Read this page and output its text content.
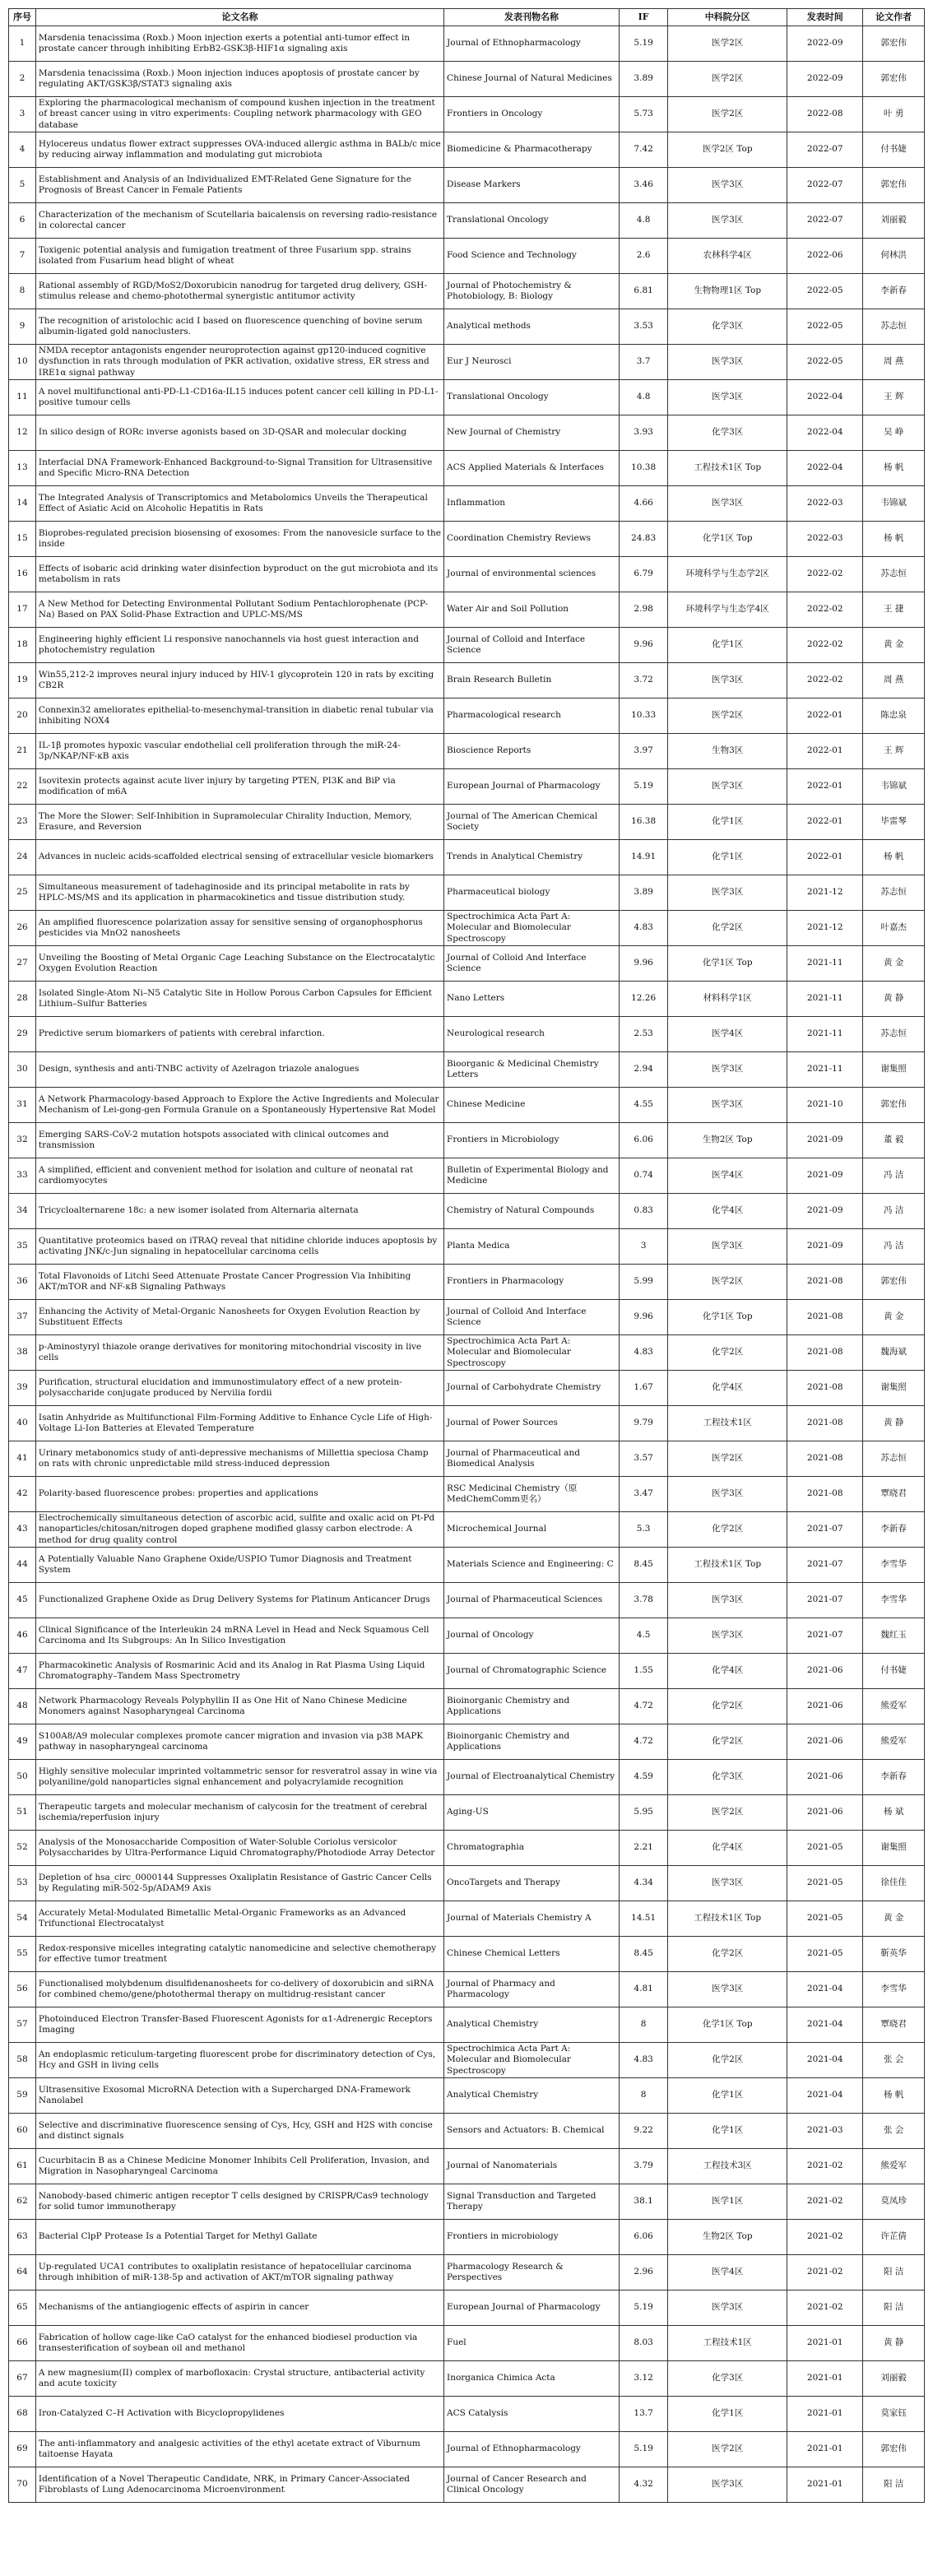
序号	论文名称	发表刊物名称	IF	中科院分区	发表时间	论文作者
1	Marsdenia tenacissima (Roxb.) Moon injection exerts a potential anti-tumor effect in prostate cancer through inhibiting ErbB2-GSK3β-HIF1α signaling axis	Journal of Ethnopharmacology	5.19	医学2区	2022-09	郭宏伟
2	Marsdenia tenacissima (Roxb.) Moon injection induces apoptosis of prostate cancer by regulating AKT/GSK3β/STAT3 signaling axis	Chinese Journal of Natural Medicines	3.89	医学2区	2022-09	郭宏伟
3	Exploring the pharmacological mechanism of compound kushen injection in the treatment of breast cancer using in vitro experiments: Coupling network pharmacology with GEO database	Frontiers in Oncology	5.73	医学2区	2022-08	叶 勇
4	Hylocereus undatus flower extract suppresses OVA-induced allergic asthma in BALb/c mice by reducing airway inflammation and modulating gut microbiota	Biomedicine & Pharmacotherapy	7.42	医学2区 Top	2022-07	付书婕
5	Establishment and Analysis of an Individualized EMT-Related Gene Signature for the Prognosis of Breast Cancer in Female Patients	Disease Markers	3.46	医学3区	2022-07	郭宏伟
6	Characterization of the mechanism of Scutellaria baicalensis on reversing radio-resistance in colorectal cancer	Translational Oncology	4.8	医学3区	2022-07	刘丽毅
7	Toxigenic potential analysis and fumigation treatment of three Fusarium spp. strains isolated from Fusarium head blight of wheat	Food Science and Technology	2.6	农林科学4区	2022-06	何林洪
8	Rational assembly of RGD/MoS2/Doxorubicin nanodrug for targeted drug delivery, GSH-stimulus release and chemo-photothermal synergistic antitumor activity	Journal of Photochemistry & Photobiology, B: Biology	6.81	生物物理1区 Top	2022-05	李新春
9	The recognition of aristolochic acid I based on fluorescence quenching of bovine serum albumin-ligated gold nanoclusters.	Analytical methods	3.53	化学3区	2022-05	苏志恒
10	NMDA receptor antagonists engender neuroprotection against gp120-induced cognitive dysfunction in rats through modulation of PKR activation, oxidative stress, ER stress and IRE1α signal pathway	Eur J Neurosci	3.7	医学3区	2022-05	周 燕
11	A novel multifunctional anti-PD-L1-CD16a-IL15 induces potent cancer cell killing in PD-L1-positive tumour cells	Translational Oncology	4.8	医学3区	2022-04	王 辉
12	In silico design of RORc inverse agonists based on 3D-QSAR and molecular docking	New Journal of Chemistry	3.93	化学3区	2022-04	吴 峥
13	Interfacial DNA Framework-Enhanced Background-to-Signal Transition for Ultrasensitive and Specific Micro-RNA Detection	ACS Applied Materials & Interfaces	10.38	工程技术1区 Top	2022-04	杨 帆
14	The Integrated Analysis of Transcriptomics and Metabolomics Unveils the Therapeutical Effect of Asiatic Acid on Alcoholic Hepatitis in Rats	Inflammation	4.66	医学3区	2022-03	韦锦斌
15	Bioprobes-regulated precision biosensing of exosomes: From the nanovesicle surface to the inside	Coordination Chemistry Reviews	24.83	化学1区 Top	2022-03	杨 帆
16	Effects of isobaric acid drinking water disinfection byproduct on the gut microbiota and its metabolism in rats	Journal of environmental sciences	6.79	环境科学与生态学2区	2022-02	苏志恒
17	A New Method for Detecting Environmental Pollutant Sodium Pentachlorophenate (PCP-Na) Based on PAX Solid-Phase Extraction and UPLC-MS/MS	Water Air and Soil Pollution	2.98	环境科学与生态学4区	2022-02	王 捷
18	Engineering highly efficient Li responsive nanochannels via host guest interaction and photochemistry regulation	Journal of Colloid and Interface Science	9.96	化学1区	2022-02	黄 金
19	Win55,212-2 improves neural injury induced by HIV-1 glycoprotein 120 in rats by exciting CB2R	Brain Research Bulletin	3.72	医学3区	2022-02	周 燕
20	Connexin32 ameliorates epithelial-to-mesenchymal-transition in diabetic renal tubular via inhibiting NOX4	Pharmacological research	10.33	医学2区	2022-01	陈忠泉
21	IL-1β promotes hypoxic vascular endothelial cell proliferation through the miR-24-3p/NKAP/NF-κB axis	Bioscience Reports	3.97	生物3区	2022-01	王 辉
22	Isovitexin protects against acute liver injury by targeting PTEN, PI3K and BiP via modification of m6A	European Journal of Pharmacology	5.19	医学3区	2022-01	韦锦斌
23	The More the Slower: Self-Inhibition in Supramolecular Chirality Induction, Memory, Erasure, and Reversion	Journal of The American Chemical Society	16.38	化学1区	2022-01	毕雷琴
24	Advances in nucleic acids-scaffolded electrical sensing of extracellular vesicle biomarkers	Trends in Analytical Chemistry	14.91	化学1区	2022-01	杨 帆
25	Simultaneous measurement of tadehaginoside and its principal metabolite in rats by HPLC-MS/MS and its application in pharmacokinetics and tissue distribution study.	Pharmaceutical biology	3.89	医学3区	2021-12	苏志恒
26	An amplified fluorescence polarization assay for sensitive sensing of organophosphorus pesticides via MnO2 nanosheets	Spectrochimica Acta Part A: Molecular and Biomolecular Spectroscopy	4.83	化学2区	2021-12	叶嘉杰
27	Unveiling the Boosting of Metal Organic Cage Leaching Substance on the Electrocatalytic Oxygen Evolution Reaction	Journal of Colloid And Interface Science	9.96	化学1区 Top	2021-11	黄 金
28	Isolated Single-Atom Ni–N5 Catalytic Site in Hollow Porous Carbon Capsules for Efficient Lithium–Sulfur Batteries	Nano Letters	12.26	材料科学1区	2021-11	黄 静
29	Predictive serum biomarkers of patients with cerebral infarction.	Neurological research	2.53	医学4区	2021-11	苏志恒
30	Design, synthesis and anti-TNBC activity of Azelragon triazole analogues	Bioorganic & Medicinal Chemistry Letters	2.94	医学3区	2021-11	谢集照
31	A Network Pharmacology-based Approach to Explore the Active Ingredients and Molecular Mechanism of Lei-gong-gen Formula Granule on a Spontaneously Hypertensive Rat Model	Chinese Medicine	4.55	医学3区	2021-10	郭宏伟
32	Emerging SARS-CoV-2 mutation hotspots associated with clinical outcomes and transmission	Frontiers in Microbiology	6.06	生物2区 Top	2021-09	董 毅
33	A simplified, efficient and convenient method for isolation and culture of neonatal rat cardiomyocytes	Bulletin of Experimental Biology and Medicine	0.74	医学4区	2021-09	冯 洁
34	Tricycloalternarene 18c: a new isomer isolated from Alternaria alternata	Chemistry of Natural Compounds	0.83	化学4区	2021-09	冯 洁
35	Quantitative proteomics based on iTRAQ reveal that nitidine chloride induces apoptosis by activating JNK/c-Jun signaling in hepatocellular carcinoma cells	Planta Medica	3	医学3区	2021-09	冯 洁
36	Total Flavonoids of Litchi Seed Attenuate Prostate Cancer Progression Via Inhibiting AKT/mTOR and NF-κB Signaling Pathways	Frontiers in Pharmacology	5.99	医学2区	2021-08	郭宏伟
37	Enhancing the Activity of Metal-Organic Nanosheets for Oxygen Evolution Reaction by Substituent Effects	Journal of Colloid And Interface Science	9.96	化学1区 Top	2021-08	黄 金
38	p-Aminostyryl thiazole orange derivatives for monitoring mitochondrial viscosity in live cells	Spectrochimica Acta Part A: Molecular and Biomolecular Spectroscopy	4.83	化学2区	2021-08	魏海斌
39	Purification, structural elucidation and immunostimulatory effect of a new protein-polysaccharide conjugate produced by Nervilia fordii	Journal of Carbohydrate Chemistry	1.67	化学4区	2021-08	谢集照
40	Isatin Anhydride as Multifunctional Film-Forming Additive to Enhance Cycle Life of High-Voltage Li-Ion Batteries at Elevated Temperature	Journal of Power Sources	9.79	工程技术1区	2021-08	黄 静
41	Urinary metabonomics study of anti-depressive mechanisms of Millettia speciosa Champ on rats with chronic unpredictable mild stress-induced depression	Journal of Pharmaceutical and Biomedical Analysis	3.57	医学2区	2021-08	苏志恒
42	Polarity-based fluorescence probes: properties and applications	RSC Medicinal Chemistry（原MedChemComm更名）	3.47	医学3区	2021-08	覃晓君
43	Electrochemically simultaneous detection of ascorbic acid, sulfite and oxalic acid on Pt-Pd nanoparticles/chitosan/nitrogen doped graphene modified glassy carbon electrode: A method for drug quality control	Microchemical Journal	5.3	化学2区	2021-07	李新春
44	A Potentially Valuable Nano Graphene Oxide/USPIO Tumor Diagnosis and Treatment System	Materials Science and Engineering: C	8.45	工程技术1区 Top	2021-07	李雪华
45	Functionalized Graphene Oxide as Drug Delivery Systems for Platinum Anticancer Drugs	Journal of Pharmaceutical Sciences	3.78	医学3区	2021-07	李雪华
46	Clinical Significance of the Interleukin 24 mRNA Level in Head and Neck Squamous Cell Carcinoma and Its Subgroups: An In Silico Investigation	Journal of Oncology	4.5	医学3区	2021-07	魏红玉
47	Pharmacokinetic Analysis of Rosmarinic Acid and its Analog in Rat Plasma Using Liquid Chromatography–Tandem Mass Spectrometry	Journal of Chromatographic Science	1.55	化学4区	2021-06	付书婕
48	Network Pharmacology Reveals Polyphyllin II as One Hit of Nano Chinese Medicine Monomers against Nasopharyngeal Carcinoma	Bioinorganic Chemistry and Applications	4.72	化学2区	2021-06	熊爱军
49	S100A8/A9 molecular complexes promote cancer migration and invasion via p38 MAPK pathway in nasopharyngeal carcinoma	Bioinorganic Chemistry and Applications	4.72	化学2区	2021-06	熊爱军
50	Highly sensitive molecular imprinted voltammetric sensor for resveratrol assay in wine via polyaniline/gold nanoparticles signal enhancement and polyacrylamide recognition	Journal of Electroanalytical Chemistry	4.59	化学3区	2021-06	李新春
51	Therapeutic targets and molecular mechanism of calycosin for the treatment of cerebral ischemia/reperfusion injury	Aging-US	5.95	医学2区	2021-06	杨 斌
52	Analysis of the Monosaccharide Composition of Water-Soluble Coriolus versicolor Polysaccharides by Ultra-Performance Liquid Chromatography/Photodiode Array Detector	Chromatographia	2.21	化学4区	2021-05	谢集照
53	Depletion of hsa_circ_0000144 Suppresses Oxaliplatin Resistance of Gastric Cancer Cells by Regulating miR-502-5p/ADAM9 Axis	OncoTargets and Therapy	4.34	医学3区	2021-05	徐佳佳
54	Accurately Metal-Modulated Bimetallic Metal-Organic Frameworks as an Advanced Trifunctional Electrocatalyst	Journal of Materials Chemistry A	14.51	工程技术1区 Top	2021-05	黄 金
55	Redox-responsive micelles integrating catalytic nanomedicine and selective chemotherapy for effective tumor treatment	Chinese Chemical Letters	8.45	化学2区	2021-05	靳英华
56	Functionalised molybdenum disulfidenanosheets for co-delivery of doxorubicin and siRNA for combined chemo/gene/photothermal therapy on multidrug-resistant cancer	Journal of Pharmacy and Pharmacology	4.81	医学3区	2021-04	李雪华
57	Photoinduced Electron Transfer-Based Fluorescent Agonists for α1-Adrenergic Receptors Imaging	Analytical Chemistry	8	化学1区 Top	2021-04	覃晓君
58	An endoplasmic reticulum-targeting fluorescent probe for discriminatory detection of Cys, Hcy and GSH in living cells	Spectrochimica Acta Part A: Molecular and Biomolecular Spectroscopy	4.83	化学2区	2021-04	张 会
59	Ultrasensitive Exosomal MicroRNA Detection with a Supercharged DNA-Framework Nanolabel	Analytical Chemistry	8	化学1区	2021-04	杨 帆
60	Selective and discriminative fluorescence sensing of Cys, Hcy, GSH and H2S with concise and distinct signals	Sensors and Actuators: B. Chemical	9.22	化学1区	2021-03	张 会
61	Cucurbitacin B as a Chinese Medicine Monomer Inhibits Cell Proliferation, Invasion, and Migration in Nasopharyngeal Carcinoma	Journal of Nanomaterials	3.79	工程技术3区	2021-02	熊爱军
62	Nanobody-based chimeric antigen receptor T cells designed by CRISPR/Cas9 technology for solid tumor immunotherapy	Signal Transduction and Targeted Therapy	38.1	医学1区	2021-02	莫凤珍
63	Bacterial ClpP Protease Is a Potential Target for Methyl Gallate	Frontiers in microbiology	6.06	生物2区 Top	2021-02	许芷倩
64	Up-regulated UCA1 contributes to oxaliplatin resistance of hepatocellular carcinoma through inhibition of miR-138-5p and activation of AKT/mTOR signaling pathway	Pharmacology Research & Perspectives	2.96	医学4区	2021-02	阳 洁
65	Mechanisms of the antiangiogenic effects of aspirin in cancer	European Journal of Pharmacology	5.19	医学3区	2021-02	阳 洁
66	Fabrication of hollow cage-like CaO catalyst for the enhanced biodiesel production via transesterification of soybean oil and methanol	Fuel	8.03	工程技术1区	2021-01	黄 静
67	A new magnesium(II) complex of marbofloxacin: Crystal structure, antibacterial activity and acute toxicity	Inorganica Chimica Acta	3.12	化学3区	2021-01	刘丽毅
68	Iron-Catalyzed C–H Activation with Bicyclopropylidenes	ACS Catalysis	13.7	化学1区	2021-01	莫家钰
69	The anti-inflammatory and analgesic activities of the ethyl acetate extract of Viburnum taitoense Hayata	Journal of Ethnopharmacology	5.19	医学2区	2021-01	郭宏伟
70	Identification of a Novel Therapeutic Candidate, NRK, in Primary Cancer-Associated Fibroblasts of Lung Adenocarcinoma Microenvironment	Journal of Cancer Research and Clinical Oncology	4.32	医学3区	2021-01	阳 洁
